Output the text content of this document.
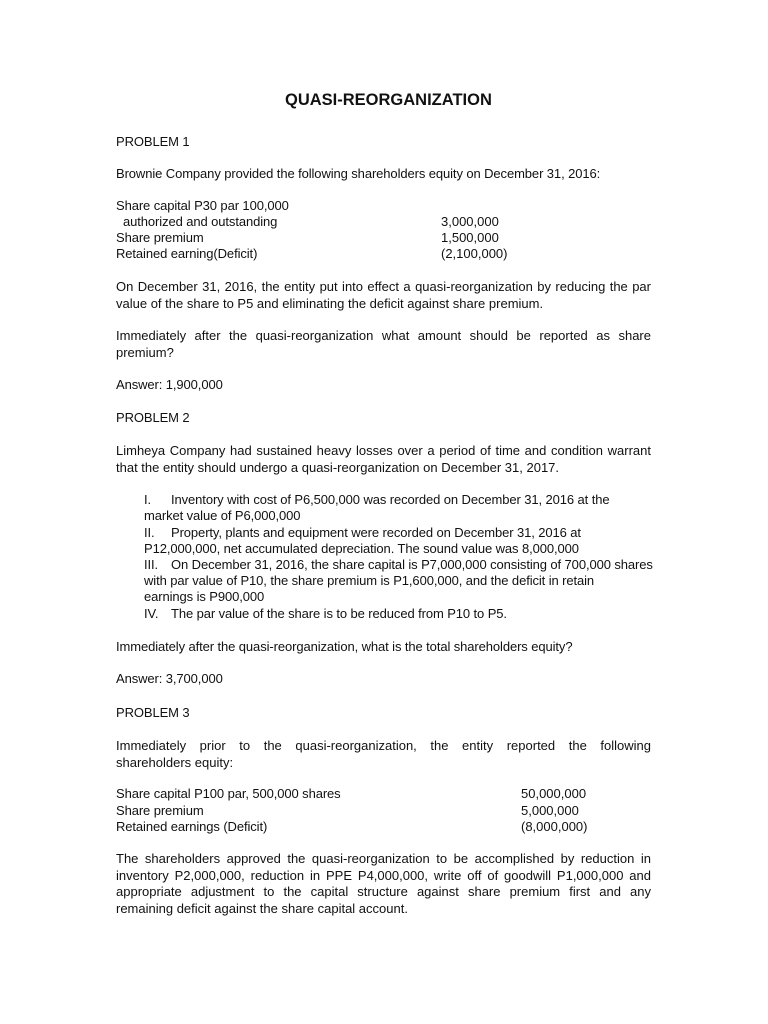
QUASI-REORGANIZATION
PROBLEM 1
Brownie Company provided the following shareholders equity on December 31, 2016:
Share capital P30 par 100,000
authorized and outstanding	3,000,000
Share premium	1,500,000
Retained earning(Deficit)	(2,100,000)
On December 31, 2016, the entity put into effect a quasi-reorganization by reducing the par
value of the share to P5 and eliminating the deficit against share premium.
Immediately after the quasi-reorganization what amount should be reported as share
premium?
Answer: 1,900,000
PROBLEM 2
Limheya Company had sustained heavy losses over a period of time and condition warrant
that the entity should undergo a quasi-reorganization on December 31, 2017.
I. Inventory with cost of P6,500,000 was recorded on December 31, 2016 at the
market value of P6,000,000
II. Property, plants and equipment were recorded on December 31, 2016 at
P12,000,000, net accumulated depreciation. The sound value was 8,000,000
III. On December 31, 2016, the share capital is P7,000,000 consisting of 700,000 shares
with par value of P10, the share premium is P1,600,000, and the deficit in retain
earnings is P900,000
IV. The par value of the share is to be reduced from P10 to P5.
Immediately after the quasi-reorganization, what is the total shareholders equity?
Answer: 3,700,000
PROBLEM 3
Immediately prior to the quasi-reorganization, the entity reported the following
shareholders equity:
Share capital P100 par, 500,000 shares	50,000,000
Share premium	5,000,000
Retained earnings (Deficit)	(8,000,000)
The shareholders approved the quasi-reorganization to be accomplished by reduction in
inventory P2,000,000, reduction in PPE P4,000,000, write off of goodwill P1,000,000 and
appropriate adjustment to the capital structure against share premium first and any
remaining deficit against the share capital account.
